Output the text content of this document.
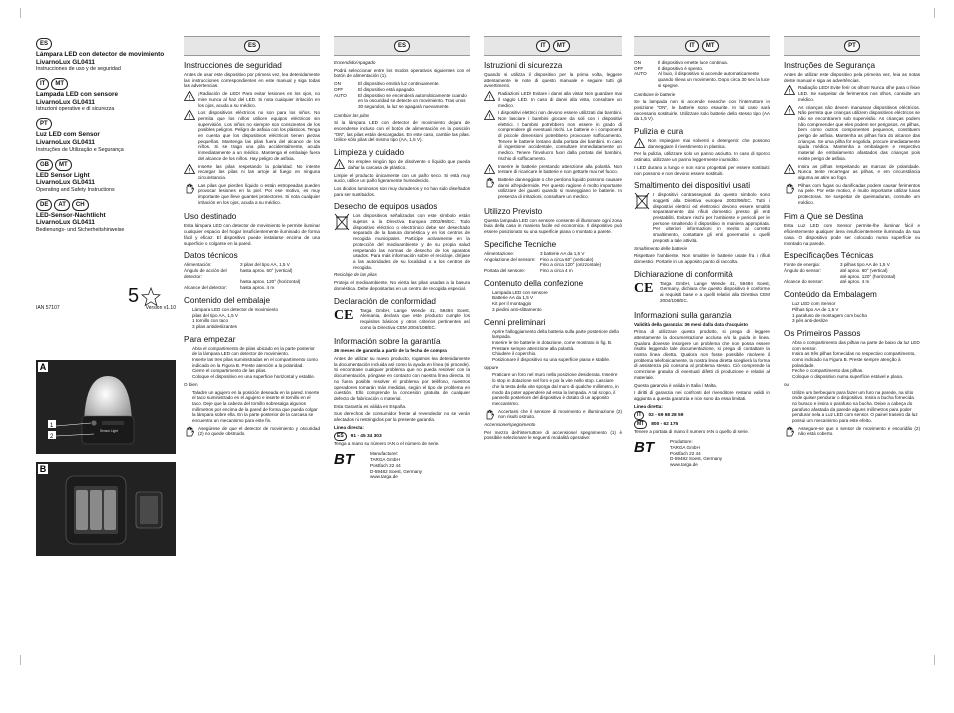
ES
Lámpara LED con detector de movimiento
LivarnoLux GL0411
Instrucciones de uso y de seguridad
IT	MT
Lampada LED con sensore
LivarnoLux GL0411
Istruzioni operative e di sicurezza
PT
Luz LED com Sensor
LivarnoLux GL0411
Instruções de Utilização e Segurança
GB	MT
LED Sensor Light
LivarnoLux GL0411
Operating and Safety Instructions
DE	AT	CH
LED-Sensor-Nachtlicht
LivarnoLux GL0411
Bedienungs- und Sicherheitshinweise
5
IAN 57107	Version v1.10
A
Sensor Light
1
2
B
ES
Instrucciones de seguridad

Antes de usar este dispositivo por primera vez, lea detenidamente las instrucciones correspondientes en este manual y siga todas las advertencias.

!

¡Radiación de LED! Para evitar lesiones en los ojos, no mire nunca al haz del LED. Si nota cualquier irritación en los ojos, acuda a su médico.

!

Los dispositivos eléctricos no son para los niños. No permita que los niños utilicen equipos eléctricos sin supervisión. Los niños no siempre son conscientes de los posibles peligros. Peligro de asfixia con los plásticos. Tenga en cuenta que los dispositivos eléctricos tienen piezas pequeñas. Mantenga las pilas fuera del alcance de los niños. Si se traga una pila accidentalmente, acuda inmediatamente a un médico. Mantenga el embalaje fuera del alcance de los niños. Hay peligro de asfixia.

!

Inserte las pilas respetando la polaridad. No intente recargar las pilas ni las arroje al fuego en ninguna circunstancia.

Las pilas que pierden líquido o están estropeadas pueden provocar lesiones en la piel. Por ese motivo, es muy importante que lleve guantes protectores. Si nota cualquier irritación en los ojos, acuda a su médico.

Uso destinado

Esta lámpara LED con detector de movimiento le permite iluminar cualquier espacio del hogar insuficientemente iluminado de forma fácil y eficaz. El dispositivo puede instalarse encima de una superficie o colgarse en la pared.

Datos técnicos
Alimentación:	3 pilas del tipo AA, 1,5 V
Ángulo de acción del detector:
hasta aprox. 60° (vertical)
hasta aprox. 120° (horizontal)
Alcance del detector:	hasta aprox. 4 m
Contenido del embalaje
• Lámpara LED con detector de movimiento
• pilas del tipo AA, 1,5 V
• 1 tornillo con taco
• 3 pilas antideslizantes
Para empezar
• Abra el compartimento de pilas ubicado en la parte posterior de la lámpara LED con detector de movimiento.
• Inserte las tres pilas suministradas en el compartimento como indicado en la Figura B. Preste atención a la polaridad.
• Cierre el compartimento de las pilas.
• Coloque el dispositivo en una superficie horizontal y estable.

O bien

• Taladre un agujero en la posición deseada en la pared. Inserte el taco suministrado en el agujero e inserte el tornillo en el taco. Deje que la cabeza del tornillo sobresalga algunos milímetros por encima de la pared de forma que pueda colgar la lámpara sobre ella. En la parte posterior de la carcasa se encuentra un mecanismo para este fin.

Asegúrese de que el detector de movimiento y oscuridad (2) no quede obstruido.

ES

Encendido/Apagado

Podrá seleccionar entre los modos operativos siguientes con el botón de alimentación (1).

ON	El dispositivo emitirá luz continuamente.
OFF	El dispositivo está apagado.
AUTO	El dispositivo se encenderá automáticamente cuando en la oscuridad se detecte un movimiento. Tras unos 30 segundos, la luz se apagará nuevamente.

Cambiar las pilas

Si la lámpara LED con detector de movimiento dejara de encenderse incluso con el botón de alimentación en la posición "ON", las pilas están descargadas. En este caso, cambie las pilas. Utilice sólo pilas del mismo tipo (AA, 1,5 V).

Limpieza y cuidado
!

No emplee ningún tipo de disolvente o líquido que pueda dañar la carcasa de plástico.

Limpie el producto únicamente con un paño seco. Si está muy sucio, utilice un paño ligeramente humedecido.

Los diodos luminosos son muy duraderos y no han sido diseñados para ser sustituidos.

Desecho de equipos usados

Los dispositivos señalizados con este símbolo están sujetos a la Directiva Europea 2002/96/EC. Todo dispositivo eléctrico o electrónico debe ser desechado separado de la basura doméstica y en los centros de recogida municipales. Participe activamente en la protección del medioambiente y de su propia salud respetando las normas de desecho de los aparatos usados. Para más información sobre el reciclaje, diríjase a las autoridades de su localidad o a los centros de recogida.

Reciclaje de las pilas

Proteja el medioambiente. No vierta las pilas usadas a la basura doméstica. Debe depositarlas en un centro de recogida especial.

Declaración de conformidad
CE	Targa GmbH, Lange Wende 41, 59494 Soest, Alemania, declara que este producto cumple los requisitos básicos y otros criterios pertinentes así como la Directiva CEM 2004/108/EC.

Información sobre la garantía

36 meses de garantía a partir de la fecha de compra

Antes de utilizar su nuevo producto, rogamos lea detenidamente la documentación incluida así como la ayuda en línea (si procede). Si encontrase cualquier problema que no pueda resolver con la documentación, póngase en contacto con nuestra línea directa. Si no fuera posible resolver el problema por teléfono, nuestros operadores tomarán más medidas, según el tipo de problema en cuestión. Ello comprende la concesión gratuita de cualquier defecto de fabricación o material.

Esta Garantía es válida en España.

Sus derechos de consumidor frente al revendedor no se verán afectados ni restringidos por la presente garantía.

Línea directa:

ES	91 - 45 34 303

Tenga a mano su número IAN o el número de serie.

BT	Manufacturer:
TARGA GmbH
Postfach 22 44
D-59482 Soest, Germany
www.targa.de
IT	MT
Istruzioni di sicurezza

Quando si utilizza il dispositivo per la prima volta, leggere attentamente le note di questo manuale e seguire tutti gli avvertimenti.

!

Radiazioni LED! Evitare i danni alla vista! Non guardare mai il raggio LED. In caso di danni alla vista, consultare un medico.

!

I dispositivi elettrici non devono essere utilizzati dai bambini. Non lasciare i bambini giocare da soli con i dispositivi elettrici. I bambini potrebbero non essere in grado di comprendere gli eventuali rischi. Le batterie e i componenti di piccole dimensioni potrebbero provocare soffocamento. Tenere le batterie lontano dalla portata dei bambini. In caso di ingestione accidentale, consultare immediatamente un medico. Tenere l'involucro fuori dalla portata dei bambini, rischio di soffocamento.

!

Inserire le batterie prestando attenzione alla polarità. Non tentare di ricaricare le batterie e non gettarle mai nel fuoco.

Batterie danneggiate o che perdono liquido possono causare danni all'epidermide. Per questo ragione è molto importante utilizzare dei guanti quando si maneggiano le batterie. In presenza di irritazioni, consultare un medico.

Utilizzo Previsto

Questa lampada LED con sensore consente di illuminare ogni zona buia della casa in maniera facile ed economica. Il dispositivo può essere posizionato su una superficie piana o montato a parete.

Specifiche Tecniche
Alimentazione:	3 batterie AA da 1,5 V
Angolazione del sensore: Fino a circa 60° (verticale)
Fino a circa 120° (orizzontale)
Portata del sensore:	Fino a circa 4 m
Contenuto della confezione
• Lampada LED con sensore
• Batterie AA da 1,5 V
• Kit per il montaggio
• 3 piedini anti-slittamento
Cenni preliminari
• Aprire l'alloggiamento della batteria sulla parte posteriore della lampada.
• Inserire le tre batterie in dotazione, come mostrato in fig. B. Prestare sempre attenzione alla polarità.
• Chiudere il coperchio.
• Posizionare il dispositivo su una superficie piana e stabile.

oppure

• Praticare un foro nel muro nella posizione desiderata. Inserire lo stop in dotazione nel foro e poi la vite nello stop. Lasciare che la testa della vite sporga dal muro di qualche millimetro, in modo da poter appendere ad essa la lampada. A tal scopo, il pannello posteriore del dispositivo è dotato di un apposito meccanismo.

Accertarsi che il sensore di movimento e illuminazione (2) non risulti ostruito.

Accensione/spegnimento

Per mezzo dell'interruttore di accensione/ spegnimento (1) è possibile selezionare le seguenti modalità operative:

IT	MT
ON	Il dispositivo emette luce continua.
OFF	Il dispositivo è spento.
AUTO	Al buio, il dispositivo si accende automaticamente quando rileva un movimento. Dopo circa 30 sec la luce si spegne.

Cambiare le batterie

Se la lampada non si accende neanche con l'interruttore in posizione "ON", le batterie sono esaurite. In tal caso sarà necessario sostituirle. Utilizzare solo batterie dello stesso tipo (AA da 1,5 V).

Pulizia e cura
!

Non impiegare mai solventi o detergenti: che possono danneggiare il rivestimento in plastica.

Per la pulizia, utilizzare solo un panno asciutto. In caso di sporco ostinato, utilizzare un panno leggermente inumidito.

I LED durano a lungo e non sono progettati per essere sostituiti: non possono e non devono essere sostituiti.

Smaltimento dei dispositivi usati

I dispositivi contrassegnati da questo simbolo sono soggetti alla Direttiva europea 2002/96/EC. Tutti i dispositivi elettrici ed elettronici devono essere smaltiti separatamente dai rifiuti domestici presso gli enti prestabiliti. Evitare rischi per l'ambiente e pericoli per le persone smaltendo il dispositivo in maniera appropriata. Per ulteriori informazioni in merito al corretto smaltimento, contattare gli enti governativi o quelli preposti a tale attività.

Smaltimento delle batterie

Rispettare l'ambiente. Non smaltire le batterie usate fra i rifiuti domestici. Portarle in un apposito punto di raccolta.

Dichiarazione di conformità
CE	Targa GmbH, Lange Wende 41, 59494 Soest, Germany, dichiara che questo dispositivo è conforme ai requisiti base e a quelli relativi alla Direttiva CEM 2004/108/EC.

Informazioni sulla garanzia

Validità della garanzia: 36 mesi dalla data d'acquisto

Prima di utilizzare questo prodotto, si prega di leggere attentamente la documentazione acclusa e/o la guida in linea. Qualora dovesse insorgere un problema che non possa essere risolto leggendo tale documentazione, si prega di contattare la nostra linea diretta. Qualora non fosse possibile risolvere il problema telefonicamente, la nostra linea diretta sceglierà la forma di assistenza più consona al problema stesso. Ciò comprende la correzione gratuita di eventuali difetti di produzione e relativi al materiale.

Questa garanzia è valida in Italia / Malta.

I diritti di garanzia nei confronti del rivenditore restano validi in aggiunta a questa garanzia e non sono da essa limitati.

Linea diretta:

IT	02 - 69 68 28 59
MT	800 - 62 175

Tenere a portata di mano il numero IAN o quello di serie.

BT	Produttore:
TARGA GmbH
Postfach 22 44
D-59482 Soest, Germany
www.targa.de
PT
Instruções de Segurança

Antes de utilizar este dispositivo pela primeira vez, leia as notas deste manual e siga as advertências.

!

Radiação LED! Evite ferir os olhos! Nunca olhe para o feixe LED. Se suspeitar de ferimentos nos olhos, consulte um médico.

!

As crianças não devem manusear dispositivos eléctricos. Não permita que crianças utilizem dispositivos eléctricos se não se encontrarem sob supervisão. As crianças podem não compreender que eles podem ser perigosos. As pilhas, bem como outros componentes pequenos, constituem perigo de asfixia. Mantenha as pilhas fora do alcance das crianças. Se uma pilha for engolida, procure imediatamente ajuda médica. Mantenha a embalagem e respectivo material de embalamento afastados das crianças pois existe perigo de asfixia.

!

Insira as pilhas respeitando as marcas de polaridade. Nunca tente recarregar as pilhas, e em circunstância alguma as atire ao fogo.

Pilhas com fugas ou danificadas podem causar ferimentos na pele. Por este motivo, é muito importante utilizar luvas protectoras. Se suspeitar de queimaduras, consulte um médico.

Fim a Que se Destina

Esta Luz LED com Sensor permite-lhe iluminar fácil e eficientemente qualquer área insuficientemente iluminada da sua casa. O dispositivo pode ser colocado numa superfície ou montado na parede.

Especificações Técnicas
Fonte de energia:	3 pilhas tipo AA de 1,5 V
Ângulo do sensor:	até aprox. 60° (vertical)
até aprox. 120° (horizontal)
Alcance do sensor:	até aprox. 4 m
Conteúdo da Embalagem
• Luz LED com Sensor
• Pilhas tipo AA de 1,5 V
• 1 parafuso de montagem com bucha
• 3 pés anti-deslize
Os Primeiros Passos
• Abra o compartimento das pilhas na parte de baixo da luz LED com sensor.
• Insira as três pilhas fornecidas no respectivo compartimento, como indicado na Figura B. Preste sempre atenção à polaridade.
• Feche o compartimento das pilhas.
• Coloque o dispositivo numa superfície estável e plana.

ou

• Utilize um berbequim para fazer um furo na parede, na sítio onde quiser pendurar o dispositivo. Insira a bucha fornecida no buraco e insira o parafuso na bucha. Deixe a cabeça do parafuso afastada da parede alguns milímetros para poder pendurar nela a Luz LED com sensor. O painel traseiro da luz possui um mecanismo para este efeito.

Assegure-se que o sensor de movimento e escuridão (2) não está coberto.
